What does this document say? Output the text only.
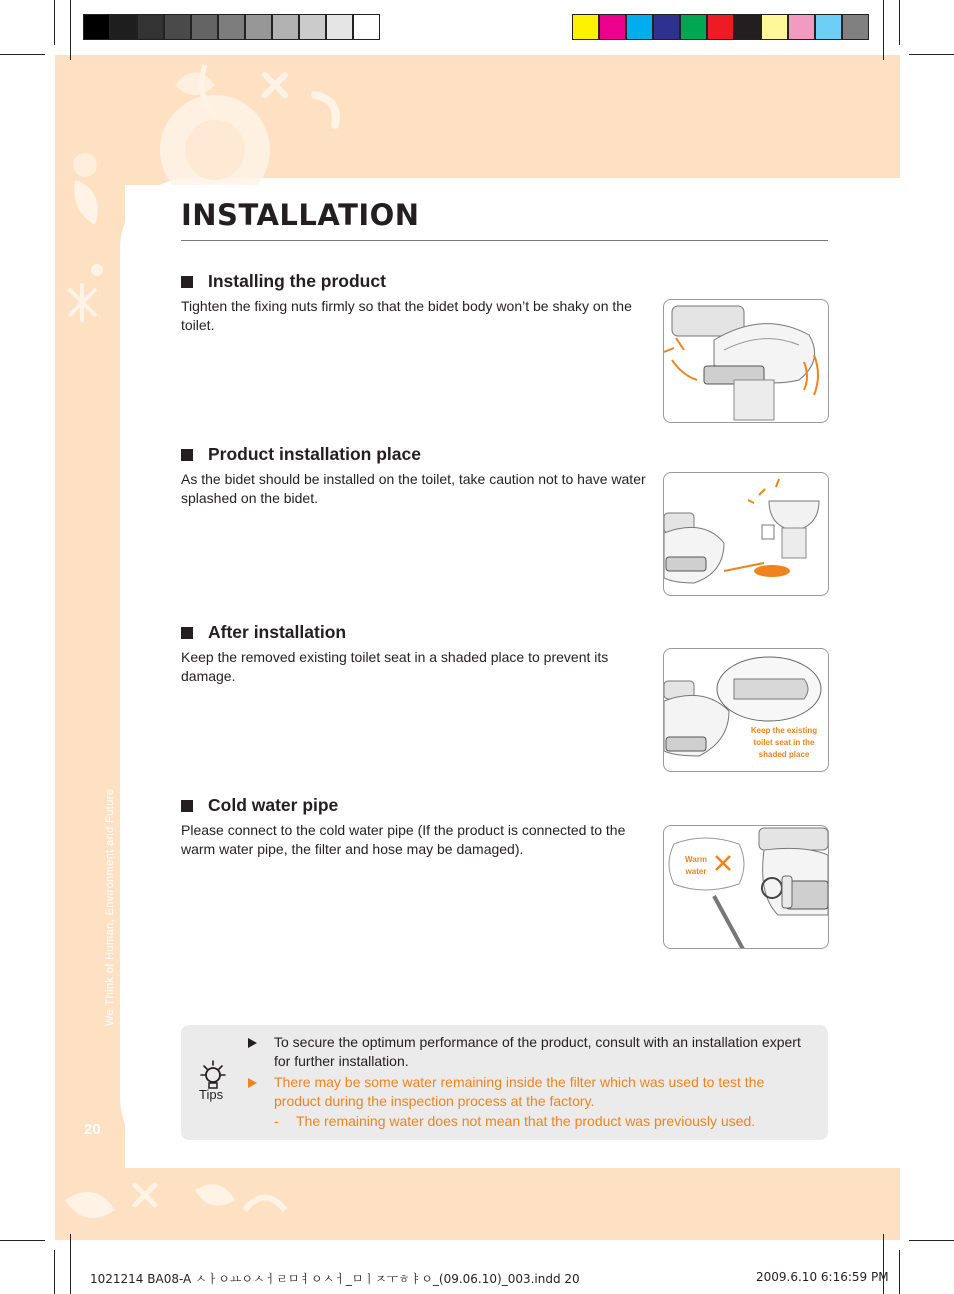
INSTALLATION
Installing the product
Tighten the fixing nuts firmly so that the bidet body won’t be shaky on the toilet.
Product installation place
As the bidet should be installed on the toilet, take caution not to have water splashed on the bidet.
After installation
Keep the removed existing toilet seat in a shaded place to prevent its damage.
Keep the existing toilet seat in the shaded place
Cold water pipe
Please connect to the cold water pipe (If the product is connected to the warm water pipe, the filter and hose may be damaged).
Warm water
Tips
To secure the optimum performance of the product, consult with an installation expert for further installation.
There may be some water remaining inside the filter which was used to test the product during the inspection process at the factory.
- The remaining water does not mean that the product was previously used.
We Think of Human, Environment and Future
20
1021214 BA08-A ㅅㅏㅇㅛㅇㅅㅓㄹㅁㅕㅇㅅㅓ_ㅁㅣㅈㅜㅎㅑㅇ_(09.06.10)_003.indd 20	2009.6.10 6:16:59 PM
